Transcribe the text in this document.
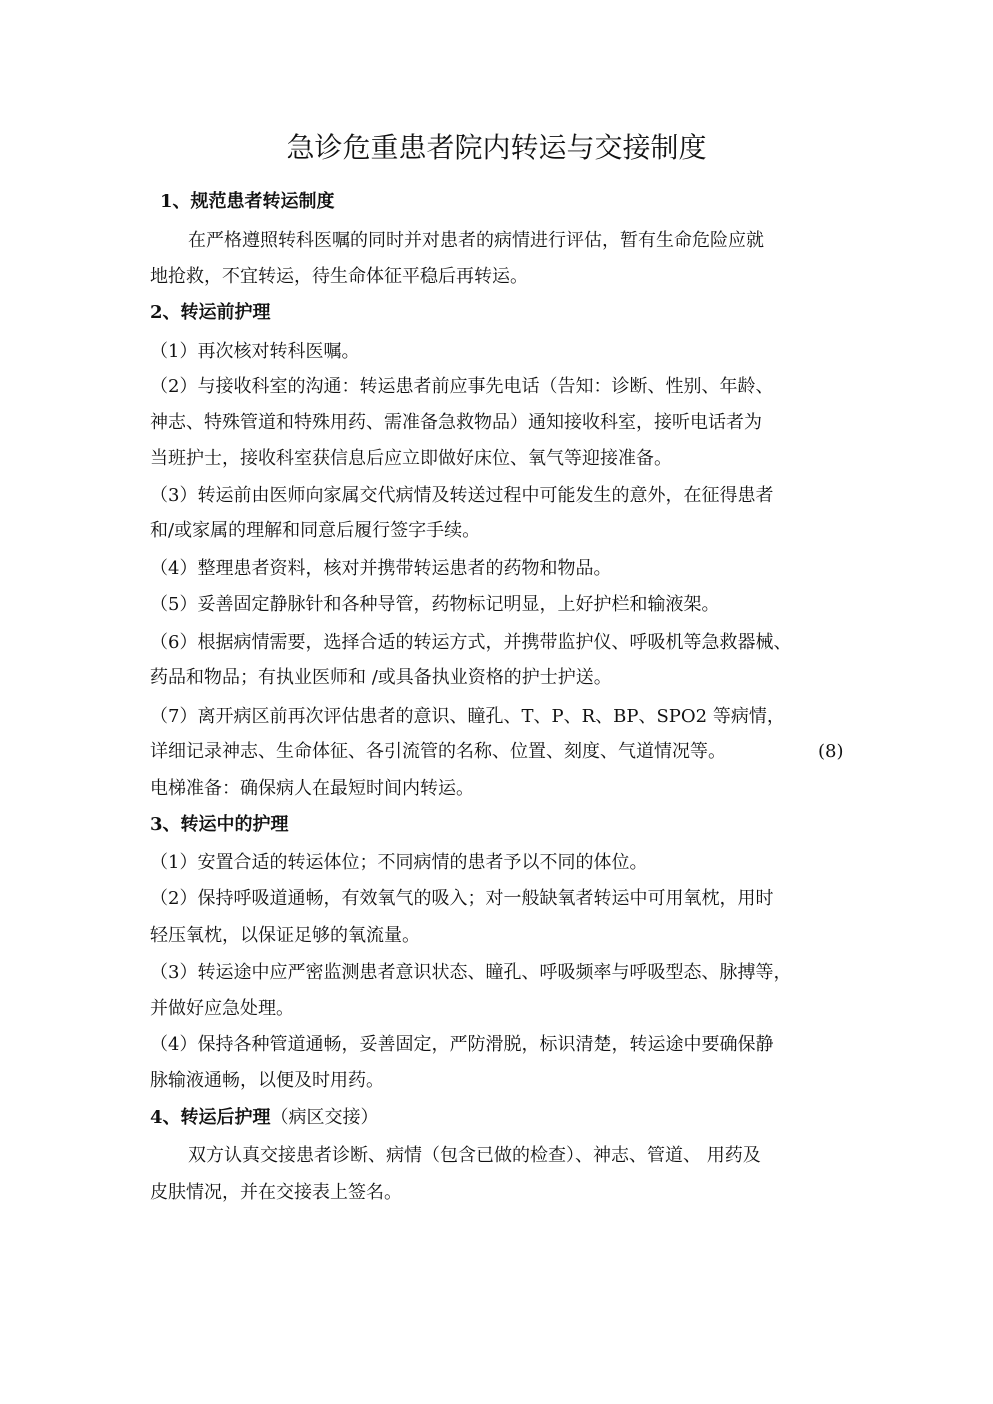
急诊危重患者院内转运与交接制度

1、规范患者转运制度

在严格遵照转科医嘱的同时并对患者的病情进行评估，暂有生命危险应就

地抢救，不宜转运，待生命体征平稳后再转运。

2、转运前护理

（1）再次核对转科医嘱。

（2）与接收科室的沟通：转运患者前应事先电话（告知：诊断、性别、年龄、

神志、特殊管道和特殊用药、需准备急救物品）通知接收科室，接听电话者为

当班护士，接收科室获信息后应立即做好床位、氧气等迎接准备。

（3）转运前由医师向家属交代病情及转送过程中可能发生的意外，在征得患者

和/或家属的理解和同意后履行签字手续。

（4）整理患者资料，核对并携带转运患者的药物和物品。

（5）妥善固定静脉针和各种导管，药物标记明显，上好护栏和输液架。

（6）根据病情需要，选择合适的转运方式，并携带监护仪、呼吸机等急救器械、

药品和物品；有执业医师和 /或具备执业资格的护士护送。

（7）离开病区前再次评估患者的意识、瞳孔、T、P、R、BP、SPO2 等病情，

详细记录神志、生命体征、各引流管的名称、位置、刻度、气道情况等。	(8)

电梯准备：确保病人在最短时间内转运。

3、转运中的护理

（1）安置合适的转运体位；不同病情的患者予以不同的体位。

（2）保持呼吸道通畅，有效氧气的吸入；对一般缺氧者转运中可用氧枕，用时

轻压氧枕，以保证足够的氧流量。

（3）转运途中应严密监测患者意识状态、瞳孔、呼吸频率与呼吸型态、脉搏等，

并做好应急处理。

（4）保持各种管道通畅，妥善固定，严防滑脱，标识清楚，转运途中要确保静

脉输液通畅，以便及时用药。

4、转运后护理（病区交接）

双方认真交接患者诊断、病情（包含已做的检查）、神志、管道、 用药及

皮肤情况，并在交接表上签名。
